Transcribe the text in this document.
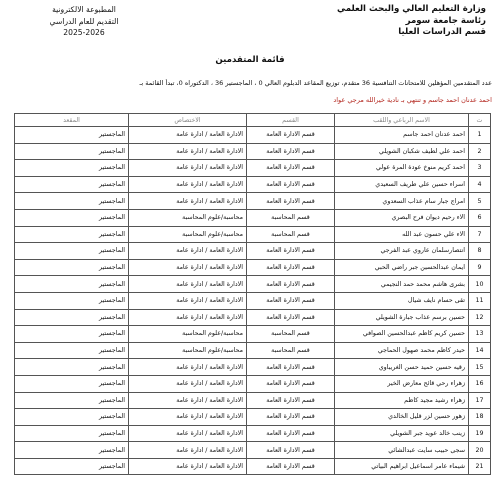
وزارة التعليم العالي والبحث العلمي
رئاسة جامعة سومر
قسم الدراسات العليا
المطبوعة الالكترونية
التقديم للعام الدراسي
2025-2026
قائمة المتقدمين
عدد المتقدمين المؤهلين للامتحانات التنافسية 36 متقدم، توزيع المقاعد الدبلوم العالي 0 ، الماجستير 36 ، الدكتوراه 0، تبدأ القائمة بـ
احمد عدنان احمد جاسم و تنتهي بـ نادية خيرالله مرجي عواد
ت	الاسم الرباعي واللقب	القسم	الاختصاص	المقعد
1	احمد عدنان احمد جاسم	قسم الادارة العامة	الادارة العامة / ادارة عامة	الماجستير
2	احمد علي لطيف شكبان الشويلي	قسم الادارة العامة	الادارة العامة / ادارة عامة	الماجستير
3	احمد كريم منوخ عودة المرة عولي	قسم الادارة العامة	الادارة العامة / ادارة عامة	الماجستير
4	اسراء حسين علي طريف السعيدي	قسم الادارة العامة	الادارة العامة / ادارة عامة	الماجستير
5	امراج جبار سام عذاب السعدوي	قسم الادارة العامة	الادارة العامة / ادارة عامة	الماجستير
6	الاء رحيم ديوان فرح البصري	قسم المحاسبة	محاسبة/علوم المحاسبة	الماجستير
7	الاء علي حسون عبد الله	قسم المحاسبة	محاسبة/علوم المحاسبة	الماجستير
8	انتصارسلمان عاروي عبد الفرجي	قسم الادارة العامة	الادارة العامة / ادارة عامة	الماجستير
9	ايمان عبدالحسين جبر راضي الحبي	قسم الادارة العامة	الادارة العامة / ادارة عامة	الماجستير
10	بشرى هاشم محمد حمد النجيمي	قسم الادارة العامة	الادارة العامة / ادارة عامة	الماجستير
11	تقى حسام نايف شيال	قسم الادارة العامة	الادارة العامة / ادارة عامة	الماجستير
12	حسين برسم عذاب جبارة الشويلي	قسم الادارة العامة	الادارة العامة / ادارة عامة	الماجستير
13	حسين كريم كاظم عبدالحسين الصوافي	قسم المحاسبة	محاسبة/علوم المحاسبة	الماجستير
14	حيدر كاظم محمد صهول الحماجي	قسم المحاسبة	محاسبة/علوم المحاسبة	الماجستير
15	رقيه حسين حميد حسن الغريباوي	قسم الادارة العامة	الادارة العامة / ادارة عامة	الماجستير
16	زهراء رحي قائح معارض الخير	قسم الادارة العامة	الادارة العامة / ادارة عامة	الماجستير
17	زهراء رشيد مجيد كاظم	قسم الادارة العامة	الادارة العامة / ادارة عامة	الماجستير
18	زهور حسين لزر قليل الخالدي	قسم الادارة العامة	الادارة العامة / ادارة عامة	الماجستير
19	زينب خالد عويد جبر الشويلي	قسم الادارة العامة	الادارة العامة / ادارة عامة	الماجستير
20	سجى حبيب سايت عبدالشائي	قسم الادارة العامة	الادارة العامة / ادارة عامة	الماجستير
21	شيماء عامر اسماعيل ابراهيم البياتي	قسم الادارة العامة	الادارة العامة / ادارة عامة	الماجستير
